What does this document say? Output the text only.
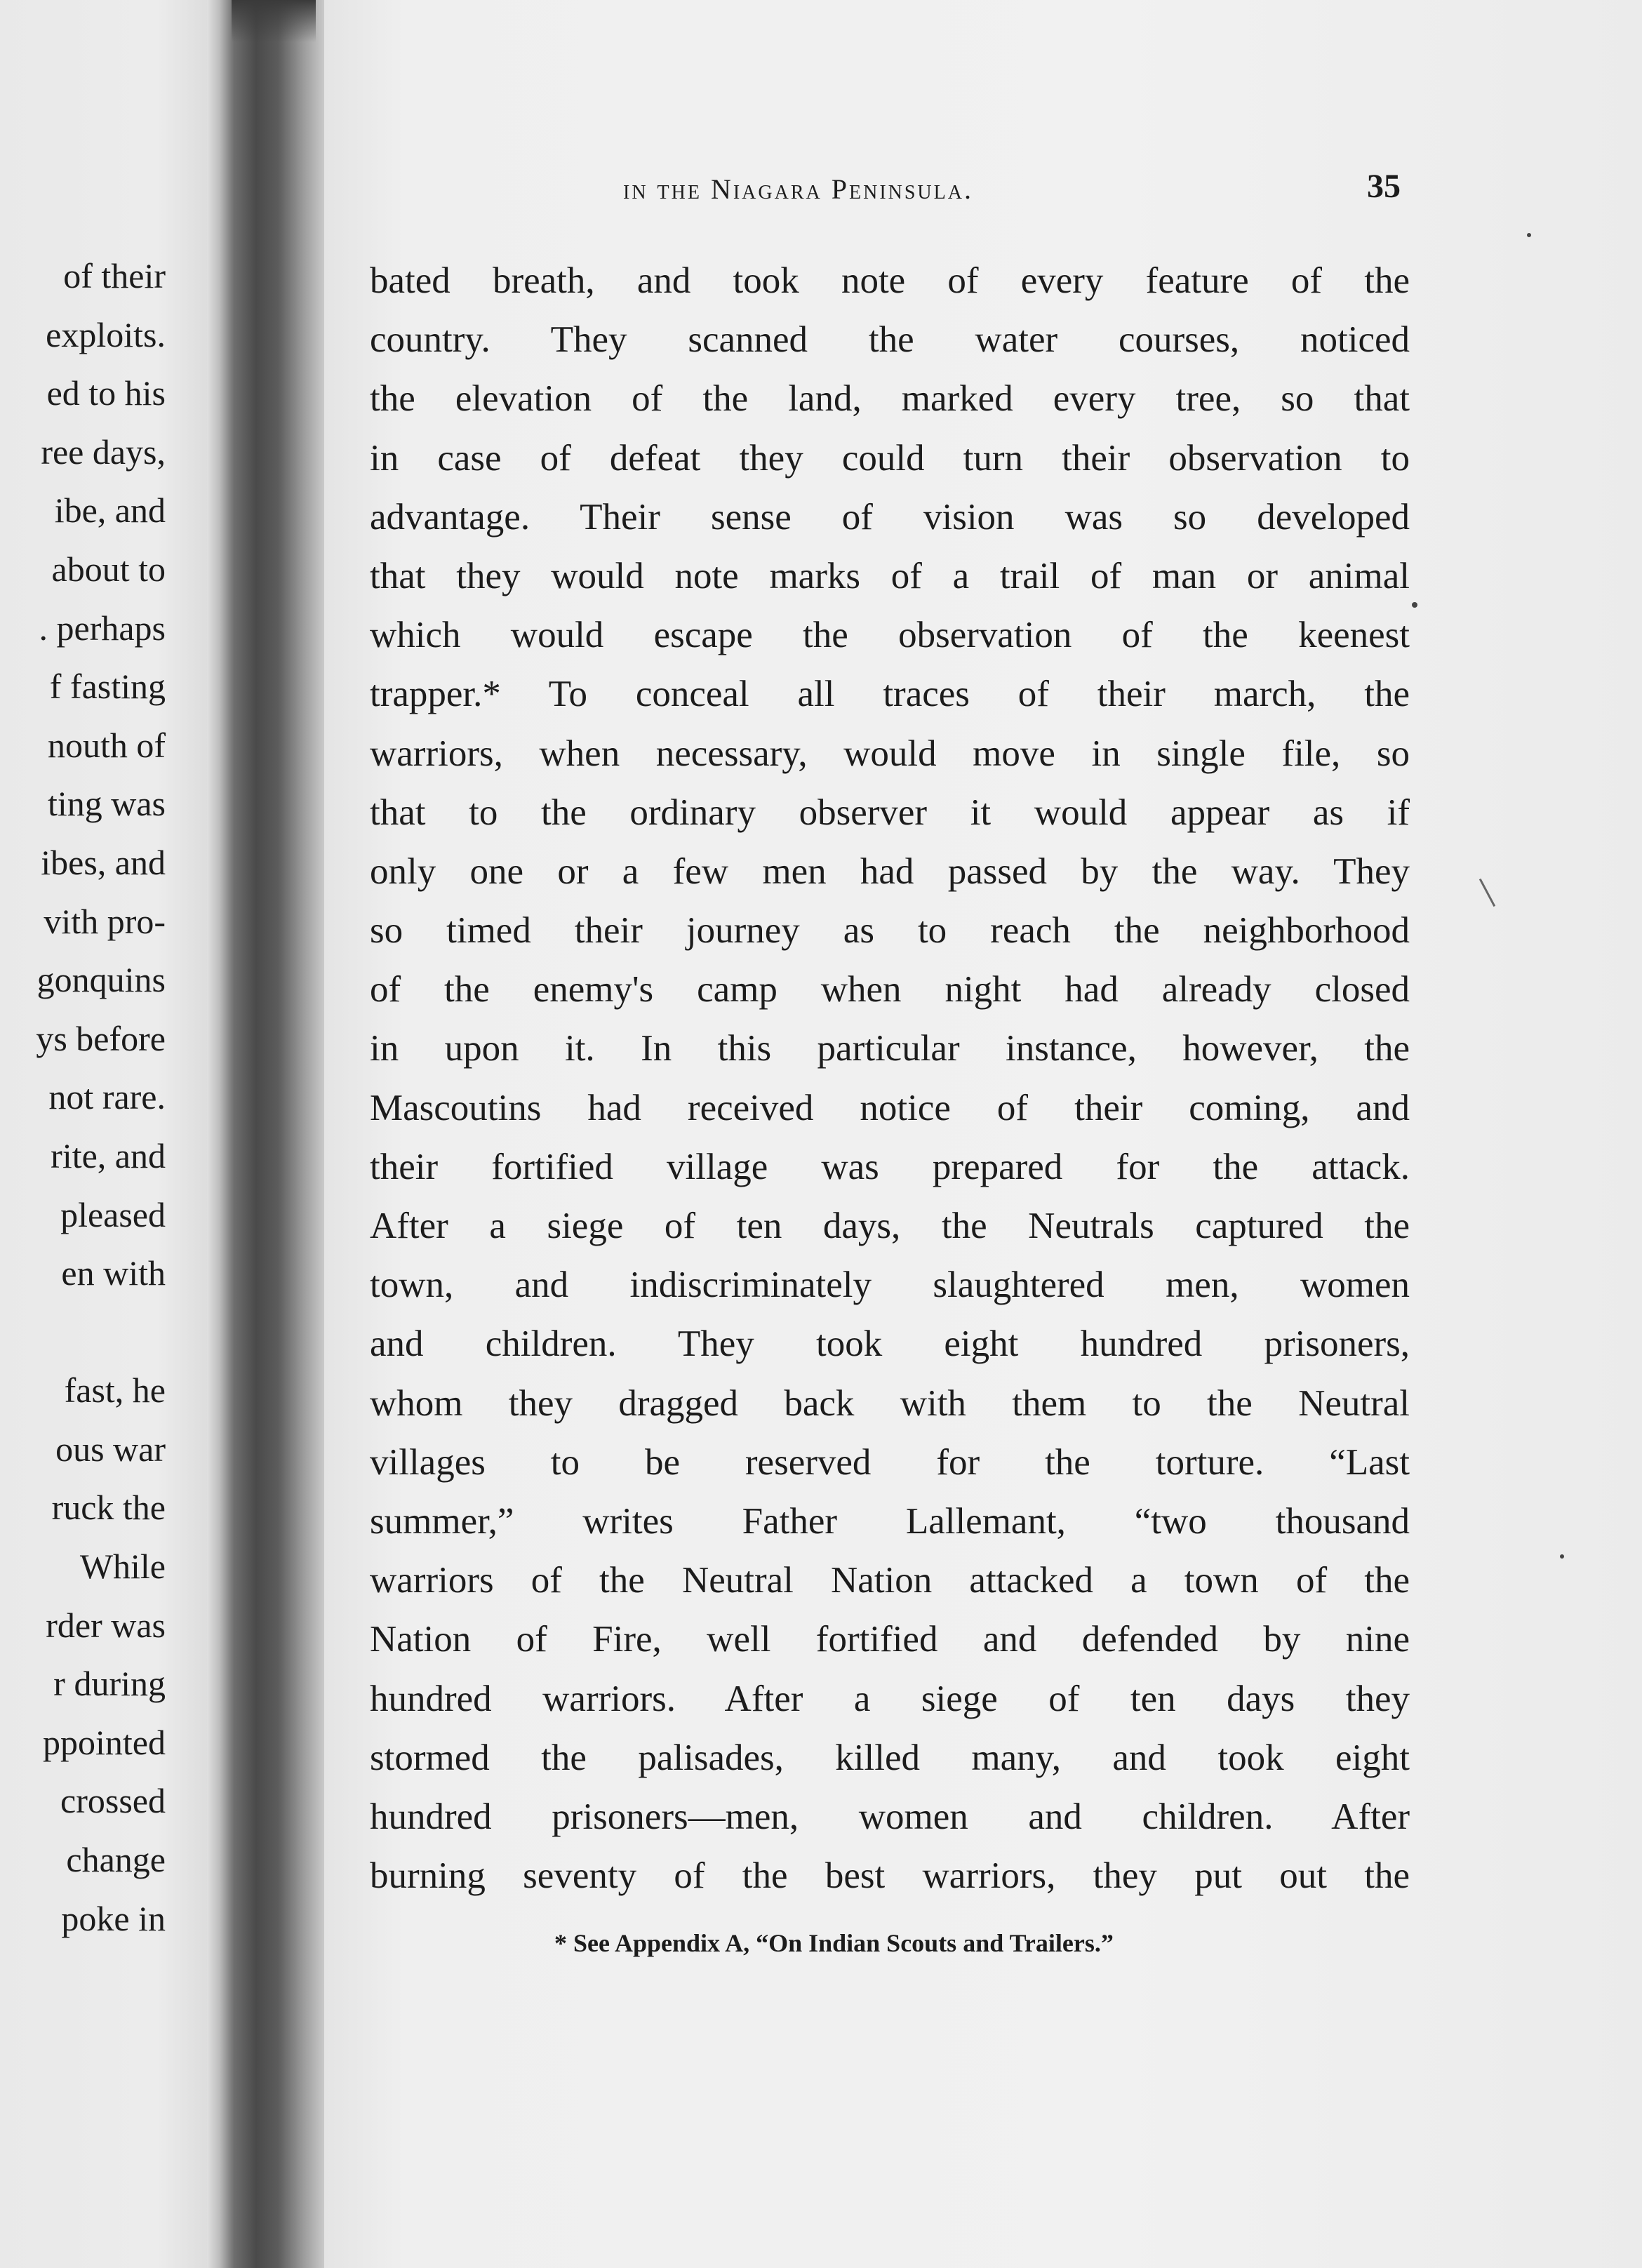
of their
exploits.
ed to his
ree days,
ibe, and
about to
. perhaps
f fasting
nouth of
ting was
ibes, and
vith pro-
gonquins
ys before
not rare.
rite, and
pleased
en with
fast, he
ous war
ruck the
While
rder was
r during
ppointed
crossed
change
poke in
in the Niagara Peninsula.	35
bated breath, and took note of every feature of the
country. They scanned the water courses, noticed
the elevation of the land, marked every tree, so that
in case of defeat they could turn their observation to
advantage. Their sense of vision was so developed
that they would note marks of a trail of man or animal
which would escape the observation of the keenest
trapper.* To conceal all traces of their march, the
warriors, when necessary, would move in single file, so
that to the ordinary observer it would appear as if
only one or a few men had passed by the way. They
so timed their journey as to reach the neighborhood
of the enemy's camp when night had already closed
in upon it. In this particular instance, however, the
Mascoutins had received notice of their coming, and
their fortified village was prepared for the attack.
After a siege of ten days, the Neutrals captured the
town, and indiscriminately slaughtered men, women
and children. They took eight hundred prisoners,
whom they dragged back with them to the Neutral
villages to be reserved for the torture. “Last
summer,” writes Father Lallemant, “two thousand
warriors of the Neutral Nation attacked a town of the
Nation of Fire, well fortified and defended by nine
hundred warriors. After a siege of ten days they
stormed the palisades, killed many, and took eight
hundred prisoners—men, women and children. After
burning seventy of the best warriors, they put out the
* See Appendix A, “On Indian Scouts and Trailers.”
